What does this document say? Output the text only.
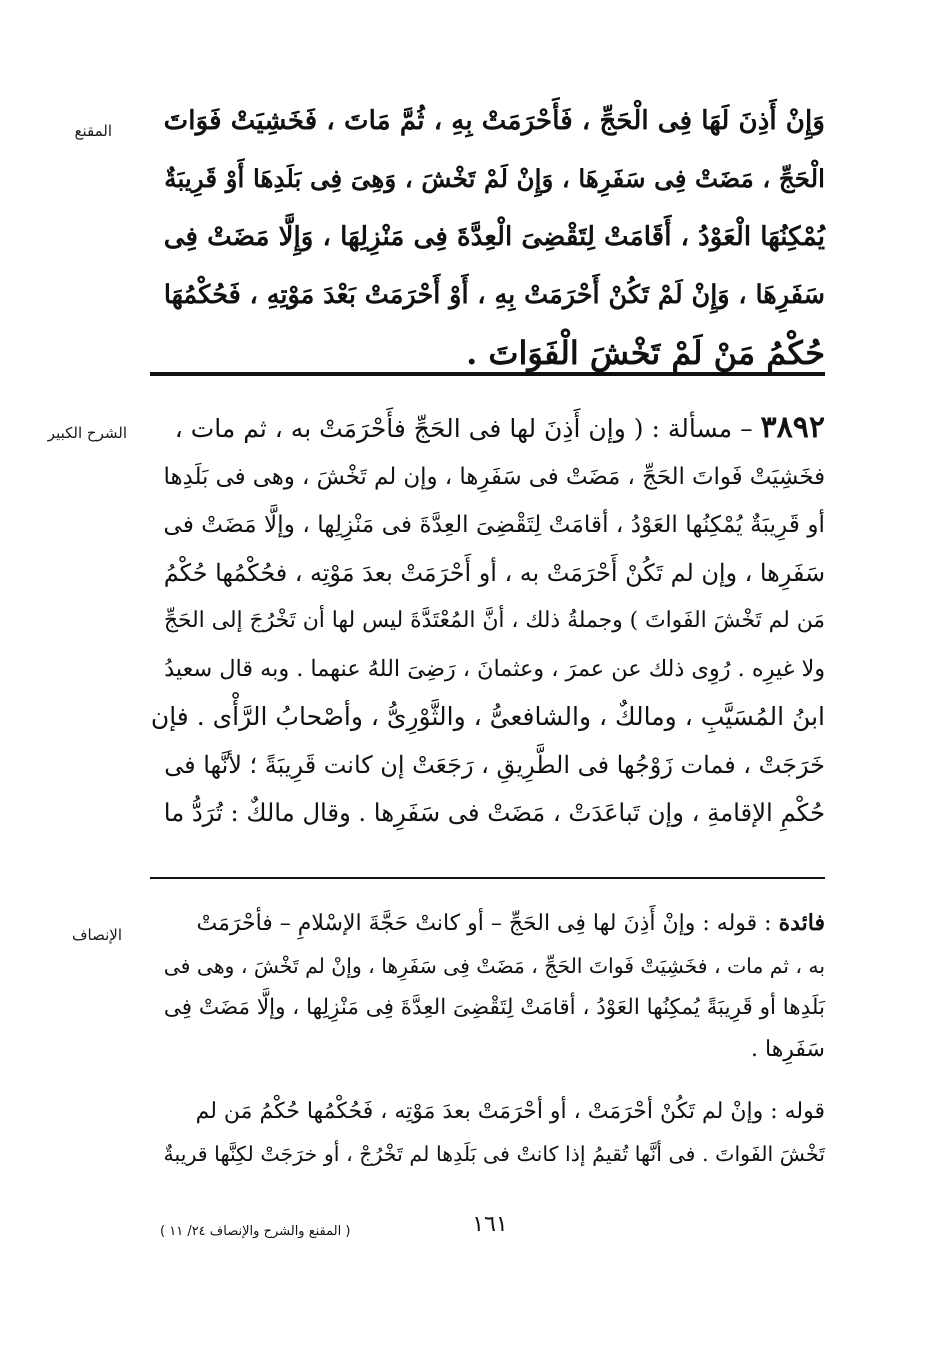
المقنع	وَإِنْ أَذِنَ لَهَا فِى الْحَجِّ ، فَأَحْرَمَتْ بِهِ ، ثُمَّ مَاتَ ، فَخَشِيَتْ فَوَاتَ
الْحَجِّ ، مَضَتْ فِى سَفَرِهَا ، وَإِنْ لَمْ تَخْشَ ، وَهِىَ فِى بَلَدِهَا أَوْ قَرِيبَةٌ
يُمْكِنُهَا الْعَوْدُ ، أَقَامَتْ لِتَقْضِىَ الْعِدَّةَ فِى مَنْزِلِهَا ، وَإِلَّا مَضَتْ فِى
سَفَرِهَا ، وَإِنْ لَمْ تَكُنْ أَحْرَمَتْ بِهِ ، أَوْ أَحْرَمَتْ بَعْدَ مَوْتِهِ ، فَحُكْمُهَا
حُكْمُ مَنْ لَمْ تَخْشَ الْفَوَاتَ .
الشرح الكبير	٣٨٩٢ – مسألة : ( وإن أَذِنَ لها فى الحَجِّ فأَحْرَمَتْ به ، ثم مات ،
فخَشِيَتْ فَواتَ الحَجِّ ، مَضَتْ فى سَفَرِها ، وإن لم تَخْشَ ، وهى فى بَلَدِها
أو قَرِيبَةٌ يُمْكِنُها العَوْدُ ، أقامَتْ لِتَقْضِىَ العِدَّةَ فى مَنْزِلِها ، وإلَّا مَضَتْ فى
سَفَرِها ، وإن لم تَكُنْ أَحْرَمَتْ به ، أو أَحْرَمَتْ بعدَ مَوْتِه ، فحُكْمُها حُكْمُ
مَن لم تَخْشَ الفَواتَ ) وجملةُ ذلك ، أنَّ المُعْتَدَّةَ ليس لها أن تَخْرُجَ إلى الحَجِّ
ولا غيرِه . رُوِى ذلك عن عمرَ ، وعثمانَ ، رَضِىَ اللهُ عنهما . وبه قال سعيدُ
ابنُ المُسَيَّبِ ، ومالكٌ ، والشافعىُّ ، والثَّوْرِىُّ ، وأصْحابُ الرَّأْى . فإن
خَرَجَتْ ، فمات زَوْجُها فى الطَّرِيقِ ، رَجَعَتْ إن كانت قَرِيبَةً ؛ لأنَّها فى
حُكْمِ الإقامةِ ، وإن تَباعَدَتْ ، مَضَتْ فى سَفَرِها . وقال مالكٌ : تُرَدُّ ما
الإنصاف	فائدة : قوله : وإنْ أَذِنَ لها فِى الحَجِّ – أو كانتْ حَجَّةَ الإسْلامِ – فأحْرَمَتْ
به ، ثم مات ، فخَشِيَتْ فَواتَ الحَجِّ ، مَضَتْ فِى سَفَرِها ، وإنْ لم تَخْشَ ، وهى فى
بَلَدِها أو قَرِيبَةً يُمكِنُها العَوْدُ ، أقامَتْ لِتَقْضِىَ العِدَّةَ فِى مَنْزِلِها ، وإلَّا مَضَتْ فِى
سَفَرِها .
قوله : وإنْ لم تَكُنْ أحْرَمَتْ ، أو أحْرَمَتْ بعدَ مَوْتِه ، فَحُكْمُها حُكْمُ مَن لم
تَخْشَ الفَواتَ . فى أنَّها تُقيمُ إذا كانتْ فى بَلَدِها لم تَخْرُجْ ، أو خرَجَتْ لكِنَّها قريبةٌ
١٦١
( المقنع والشرح والإنصاف ٢٤/ ١١ )
